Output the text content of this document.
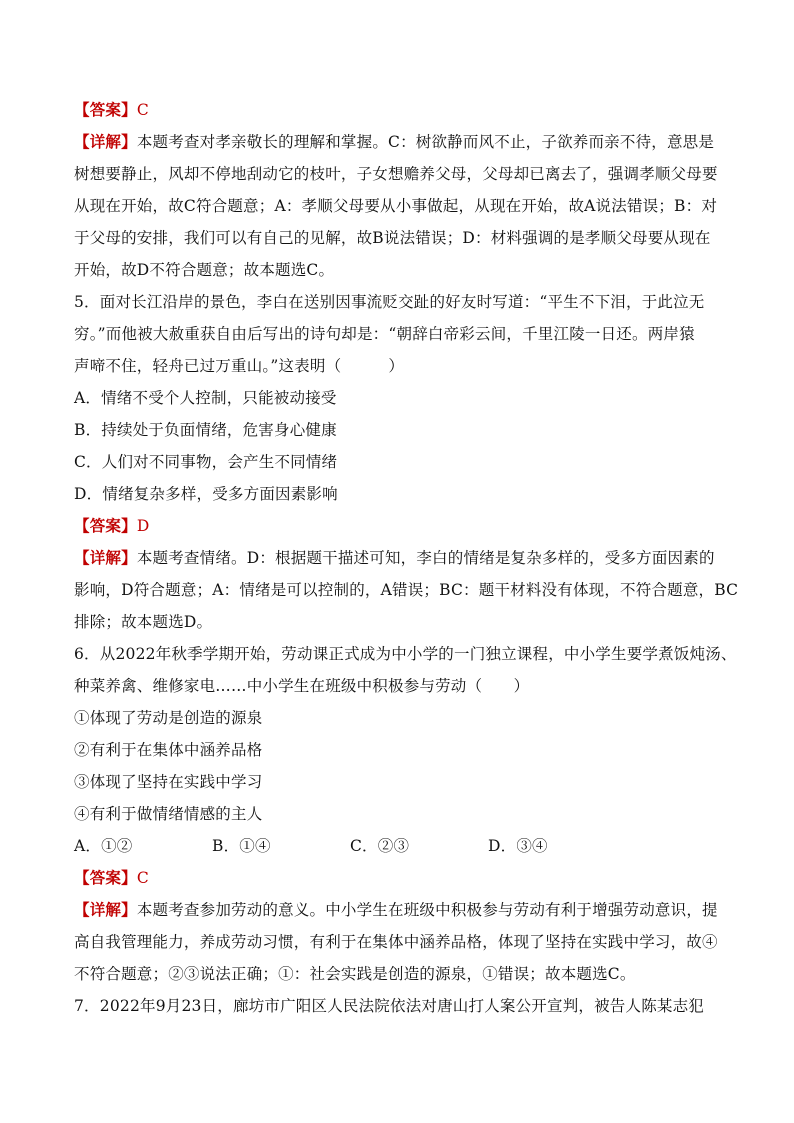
【答案】C
【详解】本题考查对孝亲敬长的理解和掌握。C：树欲静而风不止，子欲养而亲不待，意思是
树想要静止，风却不停地刮动它的枝叶，子女想赡养父母，父母却已离去了，强调孝顺父母要
从现在开始，故C符合题意；A：孝顺父母要从小事做起，从现在开始，故A说法错误；B：对
于父母的安排，我们可以有自己的见解，故B说法错误；D：材料强调的是孝顺父母要从现在
开始，故D不符合题意；故本题选C。
5．面对长江沿岸的景色，李白在送别因事流贬交趾的好友时写道：“平生不下泪，于此泣无
穷。”而他被大赦重获自由后写出的诗句却是：“朝辞白帝彩云间，千里江陵一日还。两岸猿
声啼不住，轻舟已过万重山。”这表明（　　　）
A．情绪不受个人控制，只能被动接受
B．持续处于负面情绪，危害身心健康
C．人们对不同事物，会产生不同情绪
D．情绪复杂多样，受多方面因素影响
【答案】D
【详解】本题考查情绪。D：根据题干描述可知，李白的情绪是复杂多样的，受多方面因素的
影响，D符合题意；A：情绪是可以控制的，A错误；BC：题干材料没有体现，不符合题意，BC
排除；故本题选D。
6．从2022年秋季学期开始，劳动课正式成为中小学的一门独立课程，中小学生要学煮饭炖汤、
种菜养禽、维修家电……中小学生在班级中积极参与劳动（　　）
①体现了劳动是创造的源泉
②有利于在集体中涵养品格
③体现了坚持在实践中学习
④有利于做情绪情感的主人
A．①②	B．①④	C．②③	D．③④
【答案】C
【详解】本题考查参加劳动的意义。中小学生在班级中积极参与劳动有利于增强劳动意识，提
高自我管理能力，养成劳动习惯，有利于在集体中涵养品格，体现了坚持在实践中学习，故④
不符合题意；②③说法正确；①：社会实践是创造的源泉，①错误；故本题选C。
7．2022年9月23日，廊坊市广阳区人民法院依法对唐山打人案公开宣判，被告人陈某志犯
